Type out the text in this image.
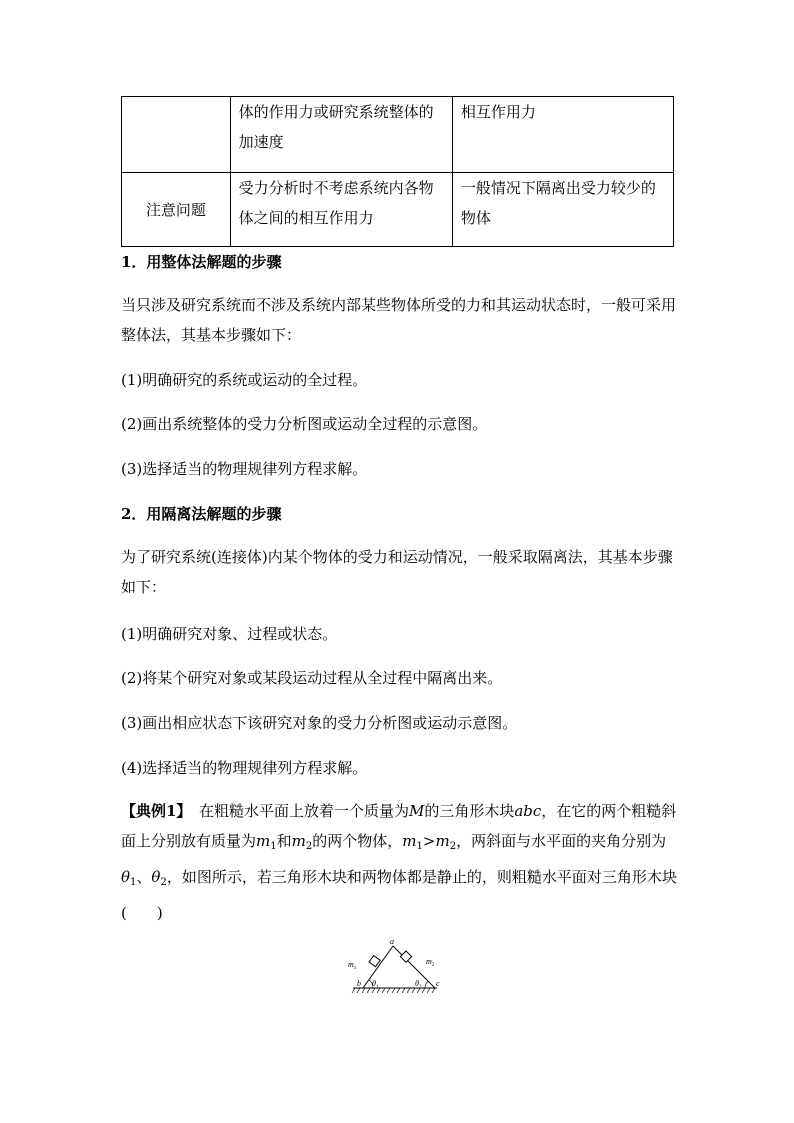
	体的作用力或研究系统整体的加速度	相互作用力

注意问题	受力分析时不考虑系统内各物体之间的相互作用力	一般情况下隔离出受力较少的物体
1．用整体法解题的步骤
当只涉及研究系统而不涉及系统内部某些物体所受的力和其运动状态时，一般可采用整体法，其基本步骤如下：
(1)明确研究的系统或运动的全过程。
(2)画出系统整体的受力分析图或运动全过程的示意图。
(3)选择适当的物理规律列方程求解。
2．用隔离法解题的步骤
为了研究系统(连接体)内某个物体的受力和运动情况，一般采取隔离法，其基本步骤如下：
(1)明确研究对象、过程或状态。
(2)将某个研究对象或某段运动过程从全过程中隔离出来。
(3)画出相应状态下该研究对象的受力分析图或运动示意图。
(4)选择适当的物理规律列方程求解。
【典例1】　 在粗糙水平面上放着一个质量为M的三角形木块abc，在它的两个粗糙斜面上分别放有质量为$m_1$和$m_2$的两个物体，$m_1>m_2$，两斜面与水平面的夹角分别为$\theta_1$、$\theta_2$，如图所示，若三角形木块和两物体都是静止的，则粗糙水平面对三角形木块(　　)
a
b	c
$m_1$
$m_2$
$\theta_1$	$\theta_2$
